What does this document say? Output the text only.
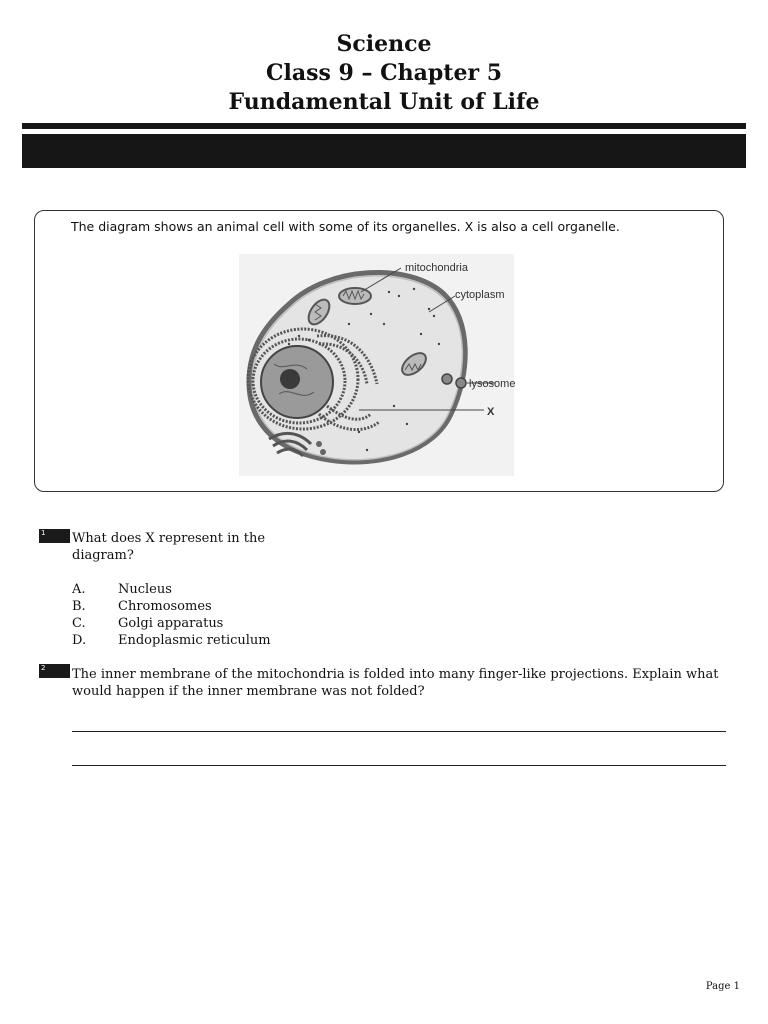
Science
Class 9 – Chapter 5
Fundamental Unit of Life
The diagram shows an animal cell with some of its organelles. X is also a cell organelle.
mitochondria
cytoplasm
lysosome
X
1	What does X represent in the
diagram?
A. Nucleus
B. Chromosomes
C. Golgi apparatus
D. Endoplasmic reticulum
2	The inner membrane of the mitochondria is folded into many finger-like projections. Explain what
would happen if the inner membrane was not folded?
Page 1
